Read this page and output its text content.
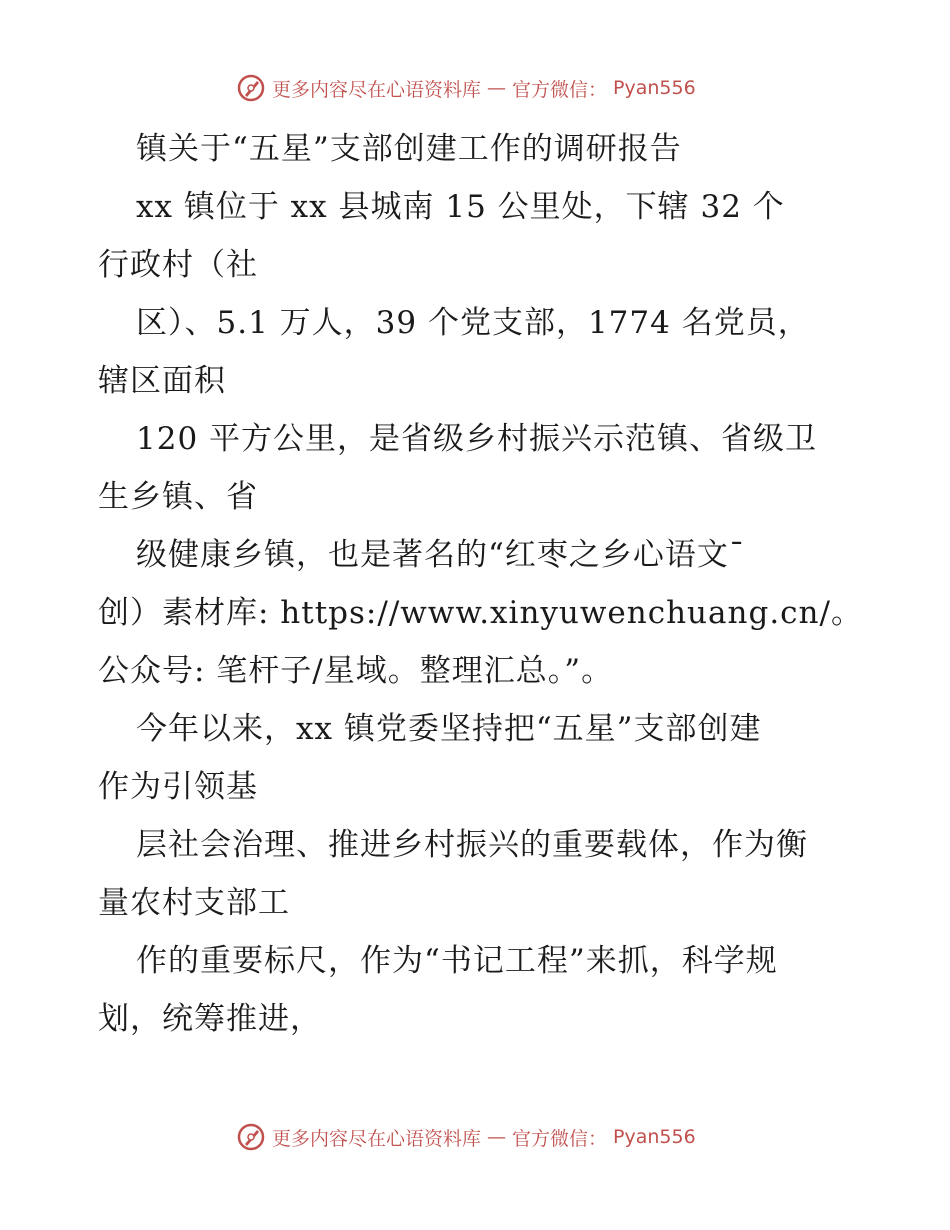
更多内容尽在心语资料库 — 官方微信： Pyan556
镇关于“五星”支部创建工作的调研报告
xx 镇位于 xx 县城南 15 公里处，下辖 32 个
行政村（社
区）、5.1 万人，39 个党支部，1774 名党员，
辖区面积
120 平方公里，是省级乡村振兴示范镇、省级卫
生乡镇、省
级健康乡镇，也是著名的“红枣之乡心语文¯
创）素材库: https://www.xinyuwenchuang.cn/。
公众号: 笔杆子/星域。整理汇总。”。
今年以来，xx 镇党委坚持把“五星”支部创建
作为引领基
层社会治理、推进乡村振兴的重要载体，作为衡
量农村支部工
作的重要标尺，作为“书记工程”来抓，科学规
划，统筹推进，
更多内容尽在心语资料库 — 官方微信： Pyan556
